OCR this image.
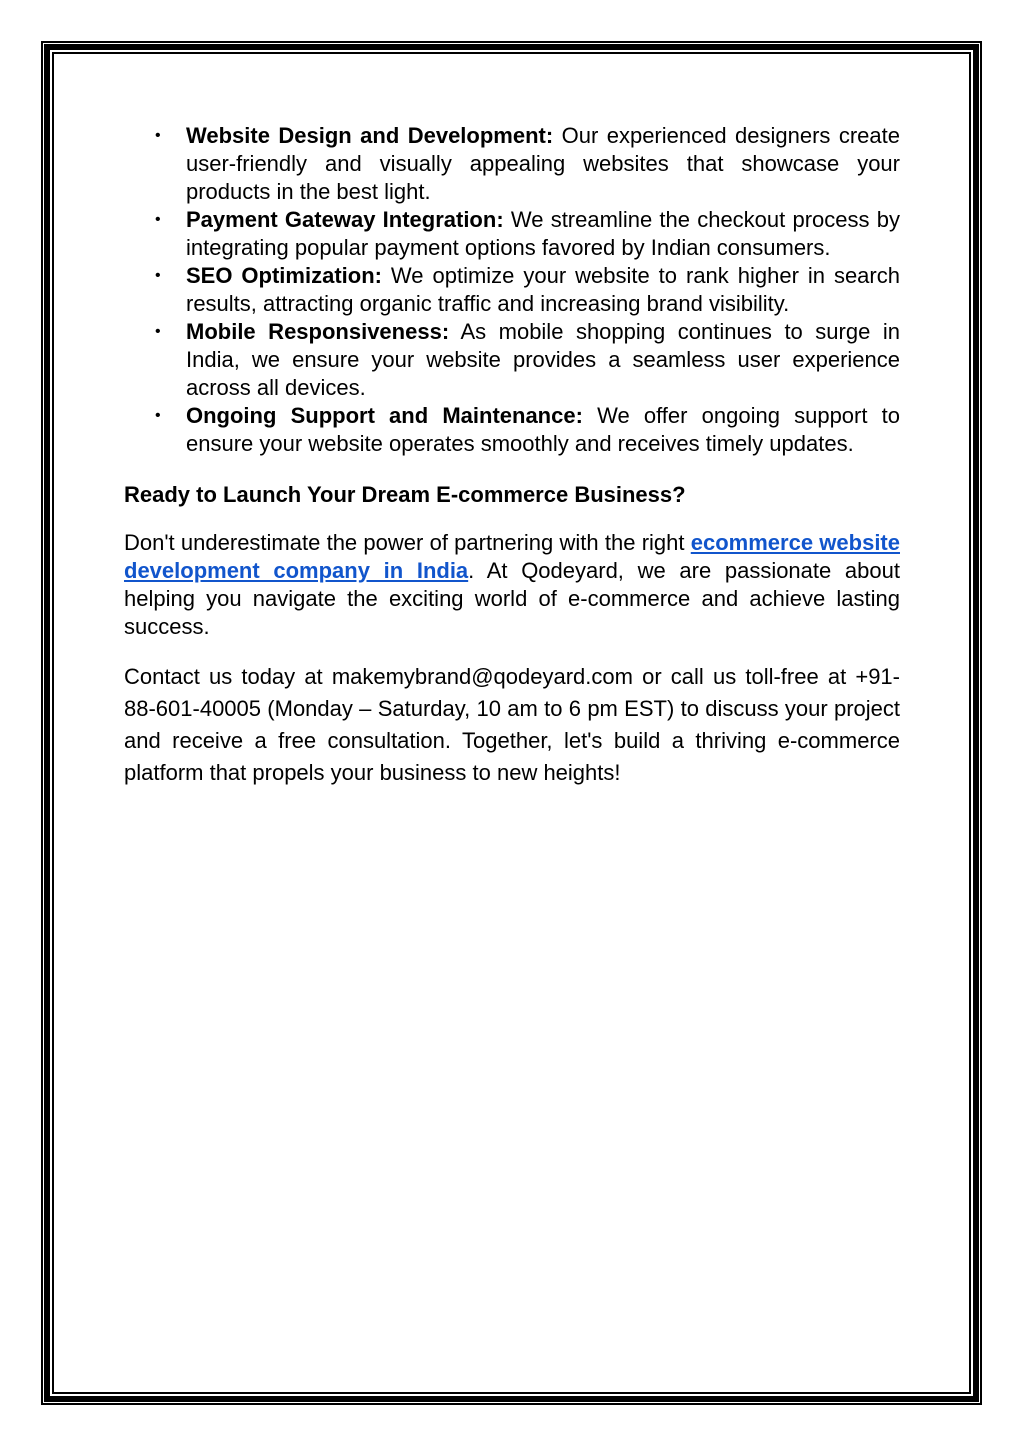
• Website Design and Development: Our experienced designers create user-friendly and visually appealing websites that showcase your products in the best light.
• Payment Gateway Integration: We streamline the checkout process by integrating popular payment options favored by Indian consumers.
• SEO Optimization: We optimize your website to rank higher in search results, attracting organic traffic and increasing brand visibility.
• Mobile Responsiveness: As mobile shopping continues to surge in India, we ensure your website provides a seamless user experience across all devices.
• Ongoing Support and Maintenance: We offer ongoing support to ensure your website operates smoothly and receives timely updates.
Ready to Launch Your Dream E-commerce Business?

Don't underestimate the power of partnering with the right ecommerce website development company in India. At Qodeyard, we are passionate about helping you navigate the exciting world of e-commerce and achieve lasting success.

Contact us today at makemybrand@qodeyard.com or call us toll-free at +91-88-601-40005 (Monday – Saturday, 10 am to 6 pm EST) to discuss your project and receive a free consultation. Together, let's build a thriving e-commerce platform that propels your business to new heights!
